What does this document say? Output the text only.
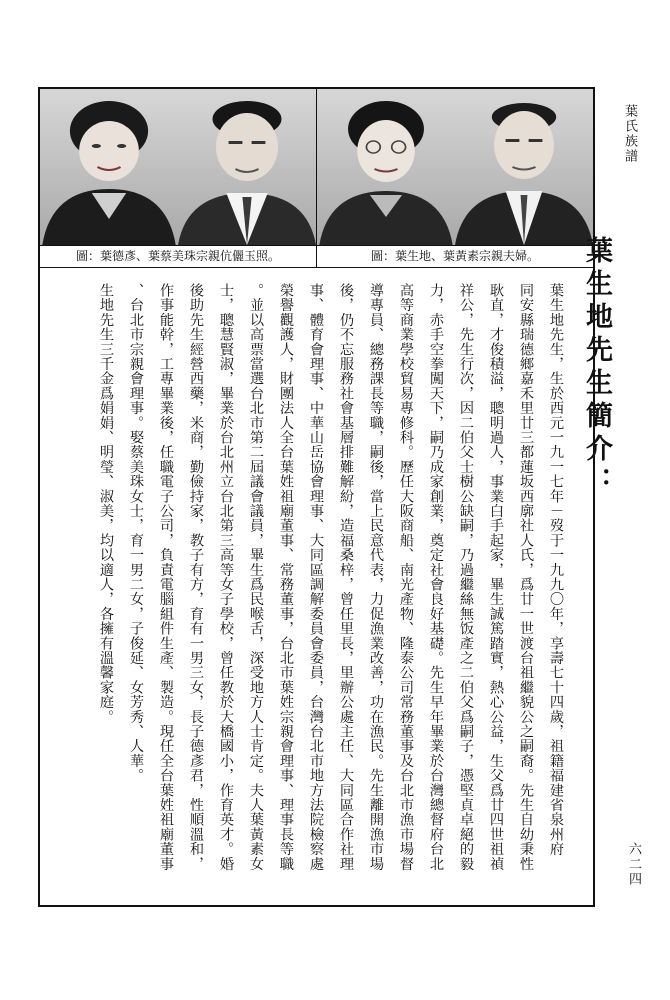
葉氏族譜
圖：葉德彥、葉蔡美珠宗親伉儷玉照。	圖：葉生地、葉黃素宗親夫婦。	葉生地先生簡介：
葉生地先生，生於西元一九一七年－歿于一九九〇年，享壽七十四歲，祖籍福建省泉州府
同安縣瑞德鄉嘉禾里廿三都蓮坂西廓社人氏，爲廿一世渡台祖繼貌公之嗣裔。先生自幼秉性
耿直，才俊積溢，聰明過人，事業白手起家，畢生誠篤踏實，熱心公益，生父爲廿四世祖禎
祥公，先生行次，因二伯父士樹公缺嗣，乃過繼絲無饭產之二伯父爲嗣子，憑堅貞卓絕的毅
力，赤手空拳闖天下，嗣乃成家創業，奠定社會良好基礎。先生早年畢業於台灣總督府台北
高等商業學校貿易專修科。歷任大阪商船、南光產物、隆泰公司常務董事及台北市漁市場督
導專員、總務課長等職，嗣後，當上民意代表，力促漁業改善，功在漁民。先生離開漁市場
後，仍不忘服務社會基層排難解紛，造福桑梓，曾任里長，里辦公處主任、大同區合作社理
事、體育會理事、中華山岳協會理事、大同區調解委員會委員，台灣台北市地方法院檢察處
榮譽觀護人，財團法人全台葉姓祖廟董事、常務董事，台北市葉姓宗親會理事、理事長等職
。並以高票當選台北市第二屆議會議員，畢生爲民喉舌，深受地方人士肯定。夫人葉黃素女
士，聰慧賢淑，畢業於台北州立台北第三高等女子學校，曾任教於大橋國小，作育英才。婚
後助先生經營西藥，米商，勤儉持家，教子有方，育有一男三女，長子德彥君，性順溫和，
作事能幹，工專畢業後，任職電子公司，負責電腦組件生產、製造。現任全台葉姓祖廟董事
、台北市宗親會理事。娶蔡美珠女士，育一男二女，子俊延、女芳秀、人華。
生地先生三千金爲娟娟、明瑩、淑美，均以適人，各擁有溫馨家庭。
六二四
